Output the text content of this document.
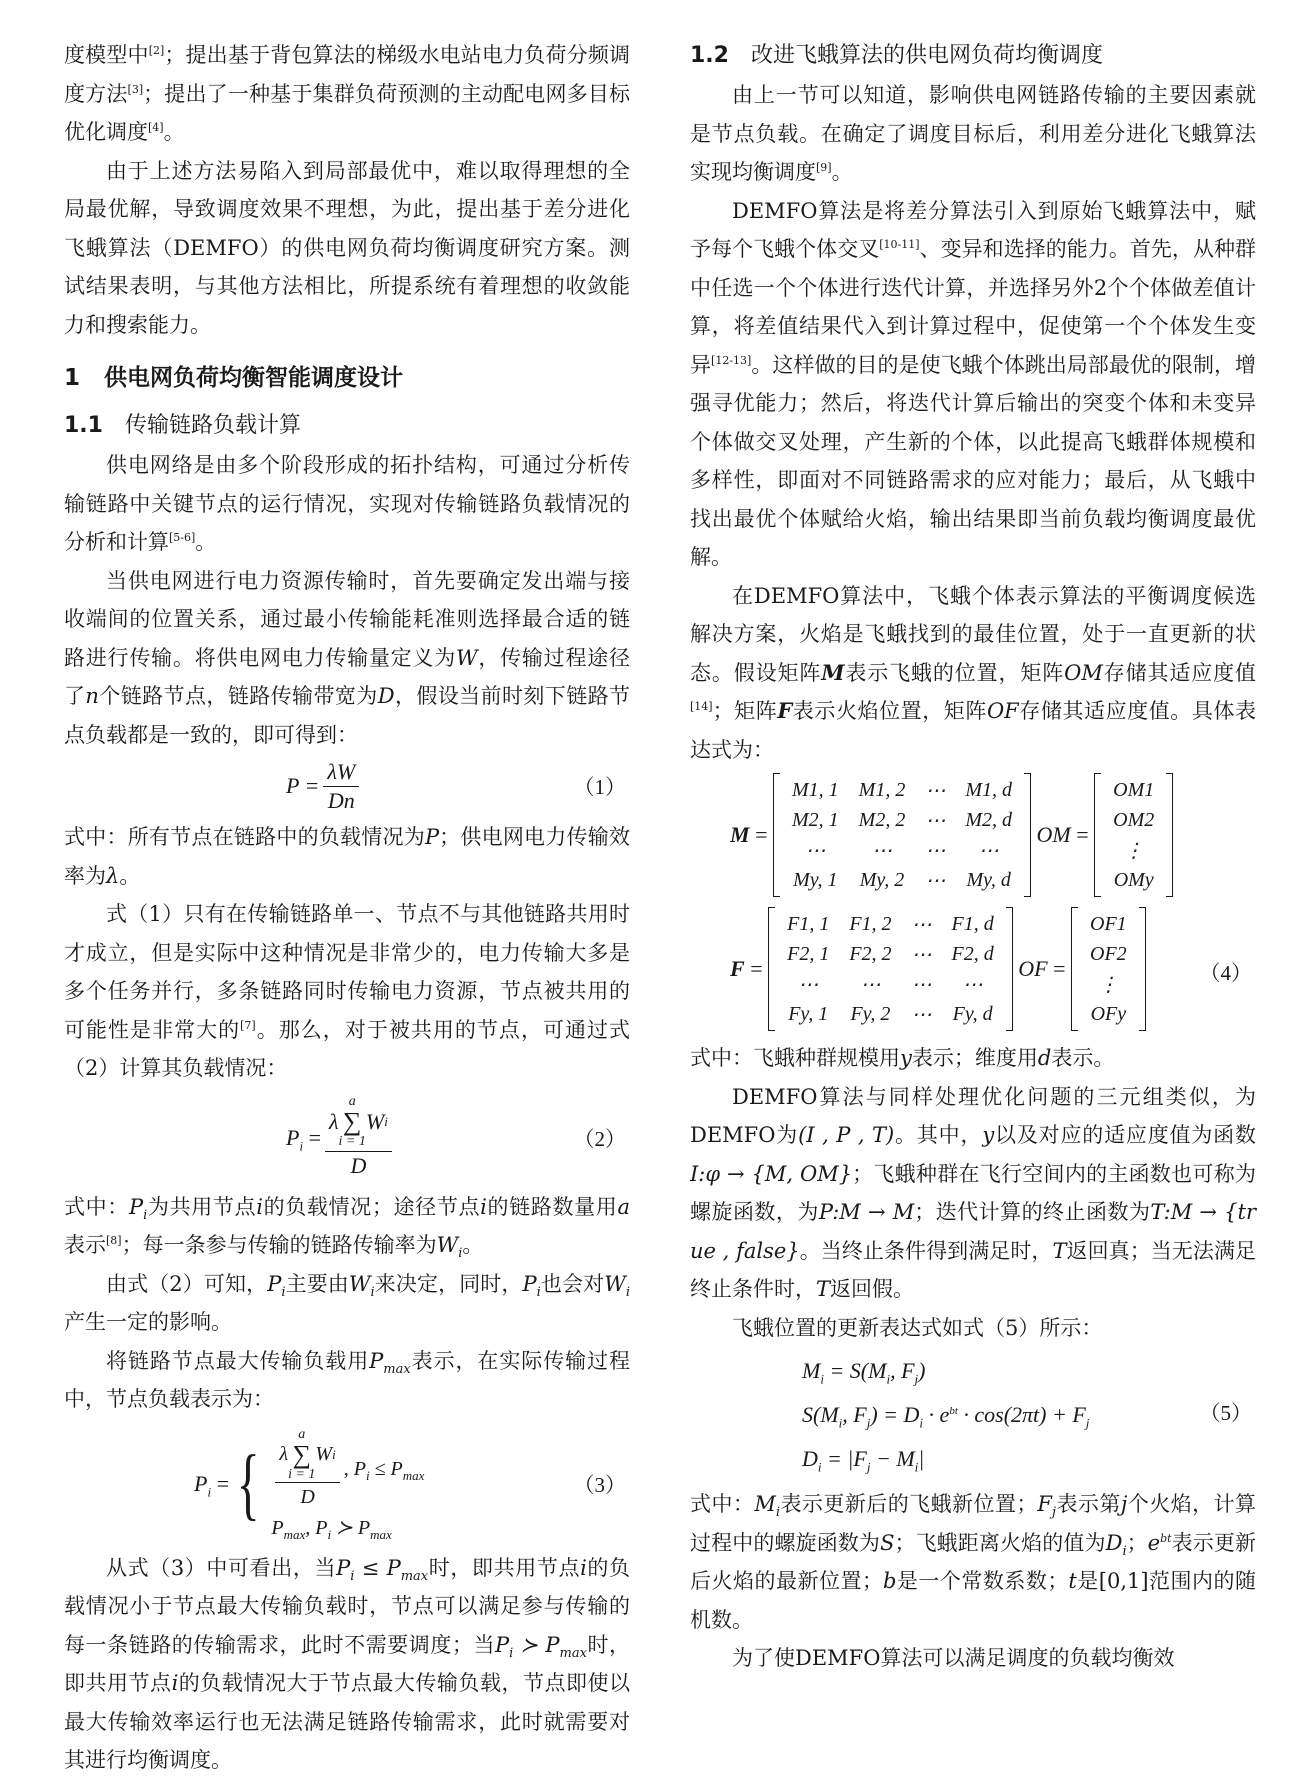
度模型中[2]；提出基于背包算法的梯级水电站电力负荷分频调度方法[3]；提出了一种基于集群负荷预测的主动配电网多目标优化调度[4]。

由于上述方法易陷入到局部最优中，难以取得理想的全局最优解，导致调度效果不理想，为此，提出基于差分进化飞蛾算法（DEMFO）的供电网负荷均衡调度研究方案。测试结果表明，与其他方法相比，所提系统有着理想的收敛能力和搜索能力。

1 供电网负荷均衡智能调度设计
1.1 传输链路负载计算

供电网络是由多个阶段形成的拓扑结构，可通过分析传输链路中关键节点的运行情况，实现对传输链路负载情况的分析和计算[5-6]。

当供电网进行电力资源传输时，首先要确定发出端与接收端间的位置关系，通过最小传输能耗准则选择最合适的链路进行传输。将供电网电力传输量定义为W，传输过程途径了n个链路节点，链路传输带宽为D，假设当前时刻下链路节点负载都是一致的，即可得到：

$P = \frac{\lambda W}{Dn}$	（1）

式中：所有节点在链路中的负载情况为P；供电网电力传输效率为λ。

式（1）只有在传输链路单一、节点不与其他链路共用时才成立，但是实际中这种情况是非常少的，电力传输大多是多个任务并行，多条链路同时传输电力资源，节点被共用的可能性是非常大的[7]。那么，对于被共用的节点，可通过式（2）计算其负载情况：

$P_i = \lambda$
a
∑
i = 1
W i
D	（2）

式中：$P_i$为共用节点i的负载情况；途径节点i的链路数量用a表示[8]；每一条参与传输的链路传输率为$W_i$。

由式（2）可知，$P_i$主要由$W_i$来决定，同时，$P_i$也会对$W_i$产生一定的影响。

将链路节点最大传输负载用$P_{max}$表示，在实际传输过程中，节点负载表示为：

$P_i$ = { λ
a
∑
i = 1
W i
D , $P_i \le P_{max}$
$P_{max}$, $P_i$ ≻ $P_{max}$
（3）

从式（3）中可看出，当$P_i \le P_{max}$时，即共用节点i的负载情况小于节点最大传输负载时，节点可以满足参与传输的每一条链路的传输需求，此时不需要调度；当$P_i$ ≻ $P_{max}$时，即共用节点i的负载情况大于节点最大传输负载，节点即使以最大传输效率运行也无法满足链路传输需求，此时就需要对其进行均衡调度。

1.2 改进飞蛾算法的供电网负荷均衡调度

由上一节可以知道，影响供电网链路传输的主要因素就是节点负载。在确定了调度目标后，利用差分进化飞蛾算法实现均衡调度[9]。

DEMFO算法是将差分算法引入到原始飞蛾算法中，赋予每个飞蛾个体交叉[10-11]、变异和选择的能力。首先，从种群中任选一个个体进行迭代计算，并选择另外2个个体做差值计算，将差值结果代入到计算过程中，促使第一个个体发生变异[12-13]。这样做的目的是使飞蛾个体跳出局部最优的限制，增强寻优能力；然后，将迭代计算后输出的突变个体和未变异个体做交叉处理，产生新的个体，以此提高飞蛾群体规模和多样性，即面对不同链路需求的应对能力；最后，从飞蛾中找出最优个体赋给火焰，输出结果即当前负载均衡调度最优解。

在DEMFO算法中，飞蛾个体表示算法的平衡调度候选解决方案，火焰是飞蛾找到的最佳位置，处于一直更新的状态。假设矩阵M表示飞蛾的位置，矩阵OM存储其适应度值[14]；矩阵F表示火焰位置，矩阵OF存储其适应度值。具体表达式为：

M =
M1, 1	M1, 2	⋯	M1, d
M2, 1	M2, 2	⋯	M2, d
⋯	⋯	⋯	⋯
My, 1	My, 2	⋯	My, d

OM =
OM1
OM2
⋮
OMy
F =
F1, 1	F1, 2	⋯	F1, d
F2, 1	F2, 2	⋯	F2, d
⋯	⋯	⋯	⋯
Fy, 1	Fy, 2	⋯	Fy, d

OF =
OF1
OF2
⋮
OFy
（4）

式中：飞蛾种群规模用y表示；维度用d表示。

DEMFO算法与同样处理优化问题的三元组类似，为DEMFO为(I , P , T)。其中，y以及对应的适应度值为函数I:φ → {M, OM}；飞蛾种群在飞行空间内的主函数也可称为螺旋函数，为P:M → M；迭代计算的终止函数为T:M → {tr ue , false}。当终止条件得到满足时，T返回真；当无法满足终止条件时，T返回假。

飞蛾位置的更新表达式如式（5）所示：

$M_i = S(M_i$, $F_j$)
$S(M_i$, $F_j) = D_i \cdot e^{bt} \cdot \cos(2\pi t) + F_j$
$D_i = |F_j - M_i|$
（5）

式中：$M_i$表示更新后的飞蛾新位置；$F_j$表示第j个火焰，计算过程中的螺旋函数为S；飞蛾距离火焰的值为$D_i$；$e^{bt}$表示更新后火焰的最新位置；b是一个常数系数；t是[0,1]范围内的随机数。

为了使DEMFO算法可以满足调度的负载均衡效
